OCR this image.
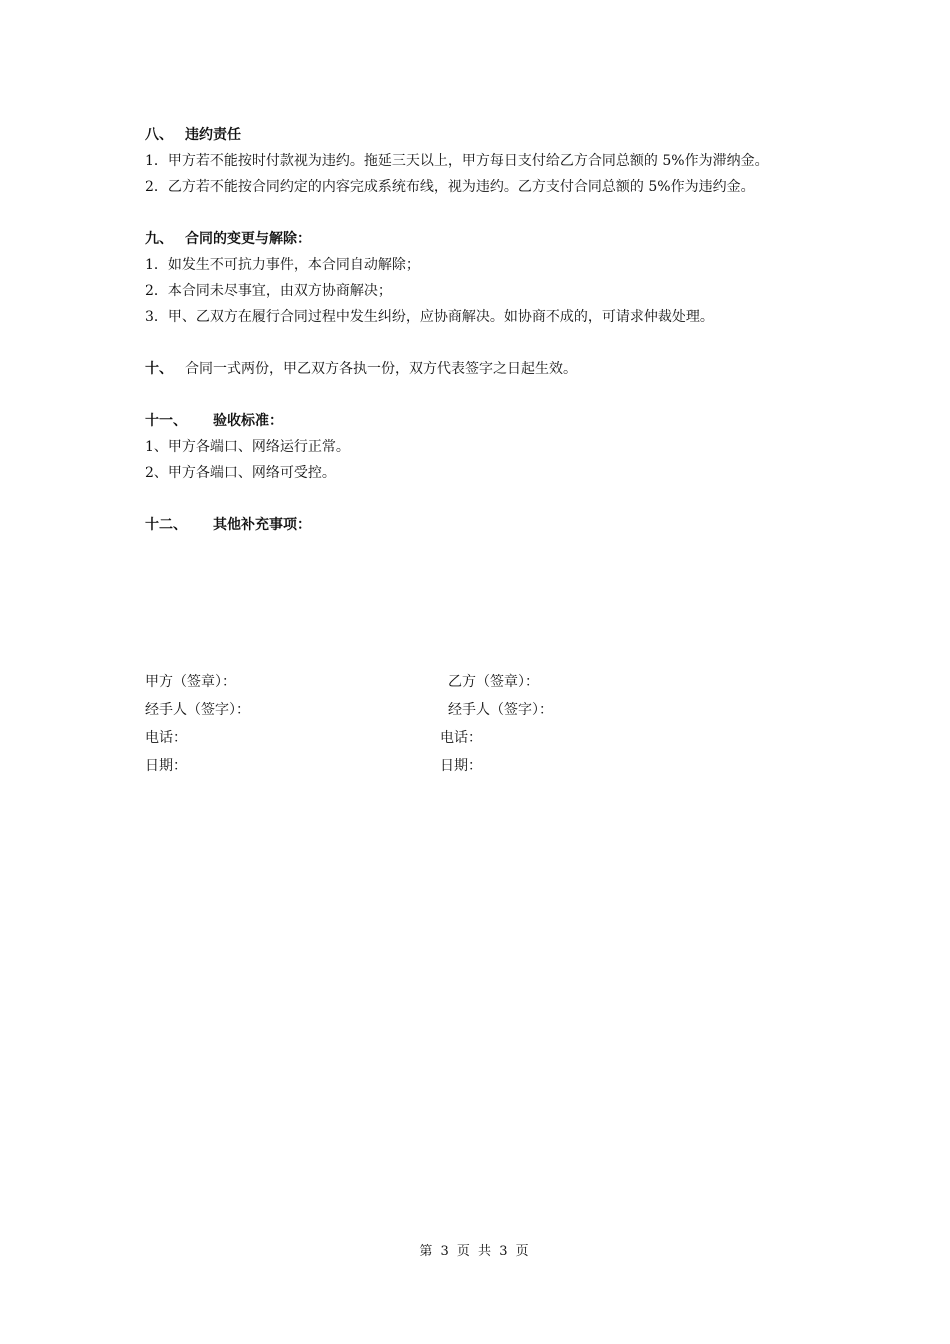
八、 违约责任

1．甲方若不能按时付款视为违约。拖延三天以上，甲方每日支付给乙方合同总额的 5%作为滞纳金。

2．乙方若不能按合同约定的内容完成系统布线，视为违约。乙方支付合同总额的 5%作为违约金。

九、 合同的变更与解除：

1．如发生不可抗力事件，本合同自动解除；

2．本合同未尽事宜，由双方协商解决；

3．甲、乙双方在履行合同过程中发生纠纷，应协商解决。如协商不成的，可请求仲裁处理。

十、 合同一式两份，甲乙双方各执一份，双方代表签字之日起生效。

十一、 验收标准：

1、甲方各端口、网络运行正常。

2、甲方各端口、网络可受控。

十二、 其他补充事项：

甲方（签章）：	乙方（签章）：
经手人（签字）：	经手人（签字）：
电话：	电话：
日期：	日期：
第 3 页 共 3 页
